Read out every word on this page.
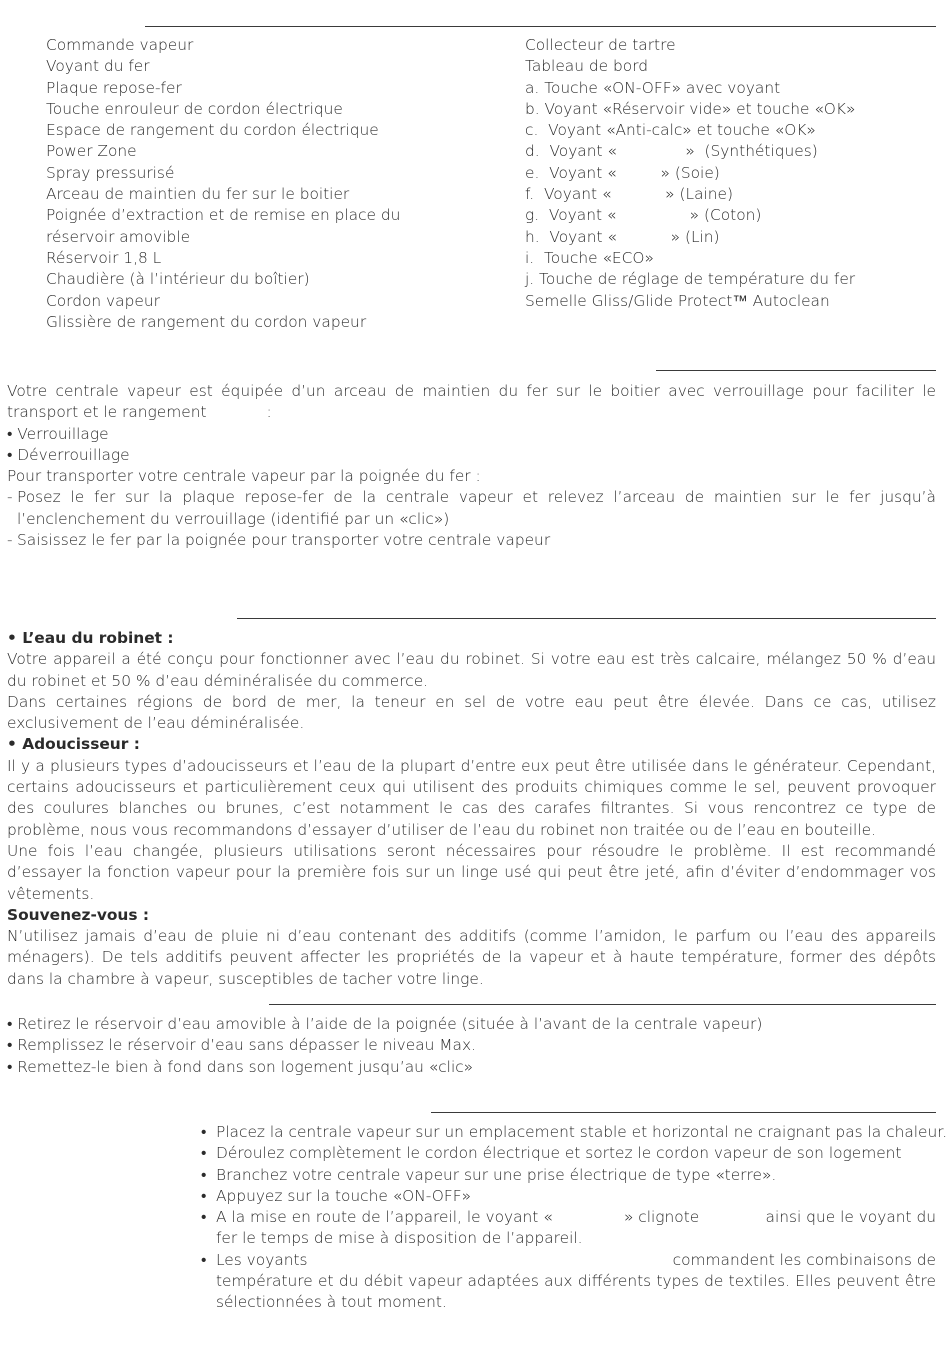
Commande vapeur
Voyant du fer
Plaque repose-fer
Touche enrouleur de cordon électrique
Espace de rangement du cordon électrique
Power Zone
Spray pressurisé
Arceau de maintien du fer sur le boitier
Poignée d’extraction et de remise en place du
réservoir amovible
Réservoir 1,8 L
Chaudière (à l’intérieur du boîtier)
Cordon vapeur
Glissière de rangement du cordon vapeur
Collecteur de tartre
Tableau de bord
a. Touche «ON-OFF» avec voyant
b. Voyant «Réservoir vide» et touche «OK»
c.  Voyant «Anti-calc» et touche «OK»
d.  Voyant «              »  (Synthétiques)
e.  Voyant «         » (Soie)
f.  Voyant «           » (Laine)
g.  Voyant «               » (Coton)
h.  Voyant «           » (Lin)
i.  Touche «ECO»
j. Touche de réglage de température du fer
Semelle Gliss/Glide Protect™ Autoclean
Votre centrale vapeur est équipée d’un arceau de maintien du fer sur le boitier avec verrouillage pour faciliter le
transport et le rangement	:
• Verrouillage
• Déverrouillage
Pour transporter votre centrale vapeur par la poignée du fer :
- Posez le fer sur la plaque repose-fer de la centrale vapeur et relevez l’arceau de maintien sur le fer jusqu’à l’enclenchement du verrouillage (identifié par un «clic»)
- Saisissez le fer par la poignée pour transporter votre centrale vapeur
• L’eau du robinet :
Votre appareil a été conçu pour fonctionner avec l’eau du robinet. Si votre eau est très calcaire, mélangez 50 % d’eau du robinet et 50 % d’eau déminéralisée du commerce.
Dans certaines régions de bord de mer, la teneur en sel de votre eau peut être élevée. Dans ce cas, utilisez exclusivement de l’eau déminéralisée.
• Adoucisseur :
Il y a plusieurs types d’adoucisseurs et l’eau de la plupart d’entre eux peut être utilisée dans le générateur. Cependant, certains adoucisseurs et particulièrement ceux qui utilisent des produits chimiques comme le sel, peuvent provoquer des coulures blanches ou brunes, c’est notamment le cas des carafes filtrantes. Si vous rencontrez ce type de problème, nous vous recommandons d’essayer d’utiliser de l’eau du robinet non traitée ou de l’eau en bouteille.
Une fois l’eau changée, plusieurs utilisations seront nécessaires pour résoudre le problème. Il est recommandé d’essayer la fonction vapeur pour la première fois sur un linge usé qui peut être jeté, afin d’éviter d’endommager vos vêtements.
Souvenez-vous :
N’utilisez jamais d’eau de pluie ni d’eau contenant des additifs (comme l’amidon, le parfum ou l’eau des appareils ménagers). De tels additifs peuvent affecter les propriétés de la vapeur et à haute température, former des dépôts dans la chambre à vapeur, susceptibles de tacher votre linge.
• Retirez le réservoir d’eau amovible à l’aide de la poignée (située à l’avant de la centrale vapeur)
• Remplissez le réservoir d’eau sans dépasser le niveau Max.
• Remettez-le bien à fond dans son logement jusqu’au «clic»
• Placez la centrale vapeur sur un emplacement stable et horizontal ne craignant pas la chaleur.
• Déroulez complètement le cordon électrique et sortez le cordon vapeur de son logement
• Branchez votre centrale vapeur sur une prise électrique de type «terre».
• Appuyez sur la touche «ON-OFF»
• A la mise en route de l’appareil, le voyant «	» clignote	ainsi que le voyant du
fer le temps de mise à disposition de l’appareil.
• Les voyants	commandent les combinaisons de
température et du débit vapeur adaptées aux différents types de textiles. Elles peuvent être sélectionnées à tout moment.
